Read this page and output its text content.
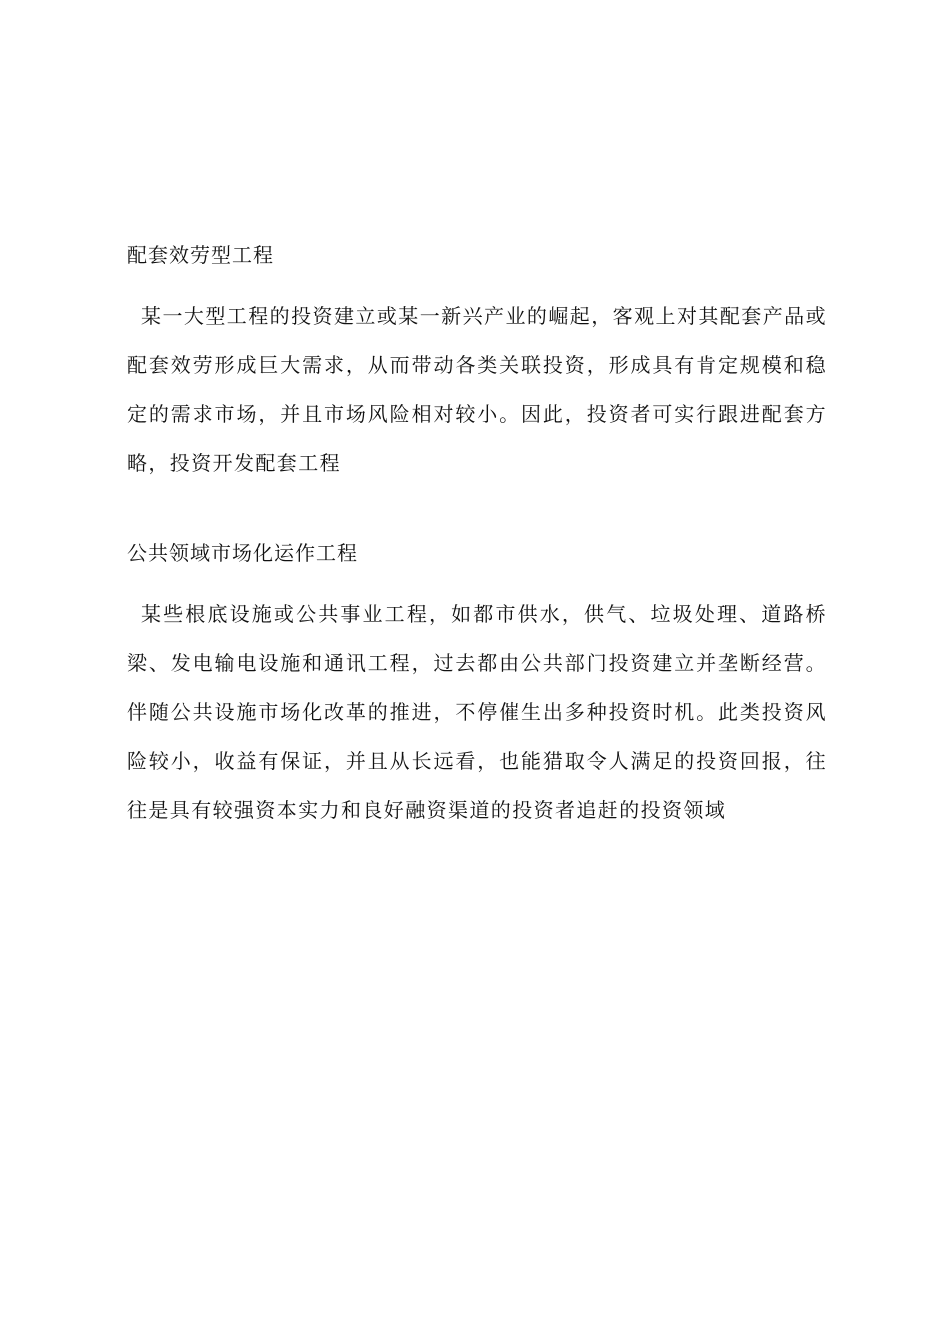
配套效劳型工程

某一大型工程的投资建立或某一新兴产业的崛起，客观上对其配套产品或配套效劳形成巨大需求，从而带动各类关联投资，形成具有肯定规模和稳定的需求市场，并且市场风险相对较小。因此，投资者可实行跟进配套方略，投资开发配套工程

公共领域市场化运作工程

某些根底设施或公共事业工程，如都市供水，供气、垃圾处理、道路桥梁、发电输电设施和通讯工程，过去都由公共部门投资建立并垄断经营。伴随公共设施市场化改革的推进，不停催生出多种投资时机。此类投资风险较小，收益有保证，并且从长远看，也能猎取令人满足的投资回报，往往是具有较强资本实力和良好融资渠道的投资者追赶的投资领域
